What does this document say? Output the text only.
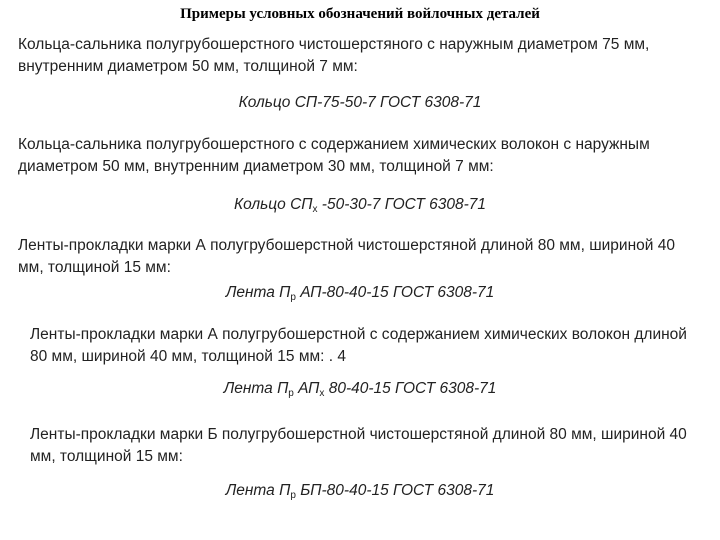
Примеры условных обозначений войлочных деталей
Кольца-сальника полугрубошерстного чистошерстяного с наружным диаметром 75 мм, внутренним диаметром 50 мм, толщиной 7 мм:
Кольцо СП-75-50-7 ГОСТ 6308-71
Кольца-сальника полугрубошерстного с содержанием химических волокон с наружным диаметром 50 мм, внутренним диаметром 30 мм, толщиной 7 мм:
Кольцо $СП_х$ -50-30-7 ГОСТ 6308-71
Ленты-прокладки марки А полугрубошерстной чистошерстяной длиной 80 мм, шириной 40 мм, толщиной 15 мм:
Лента $П_р$ АП-80-40-15 ГОСТ 6308-71
Ленты-прокладки марки А полугрубошерстной с содержанием химических волокон длиной 80 мм, шириной 40 мм, толщиной 15 мм: . 4
Лента $П_р$ $АП_х$ 80-40-15 ГОСТ 6308-71
Ленты-прокладки марки Б полугрубошерстной чистошерстяной длиной 80 мм, шириной 40 мм, толщиной 15 мм:
Лента $П_р$ БП-80-40-15 ГОСТ 6308-71
